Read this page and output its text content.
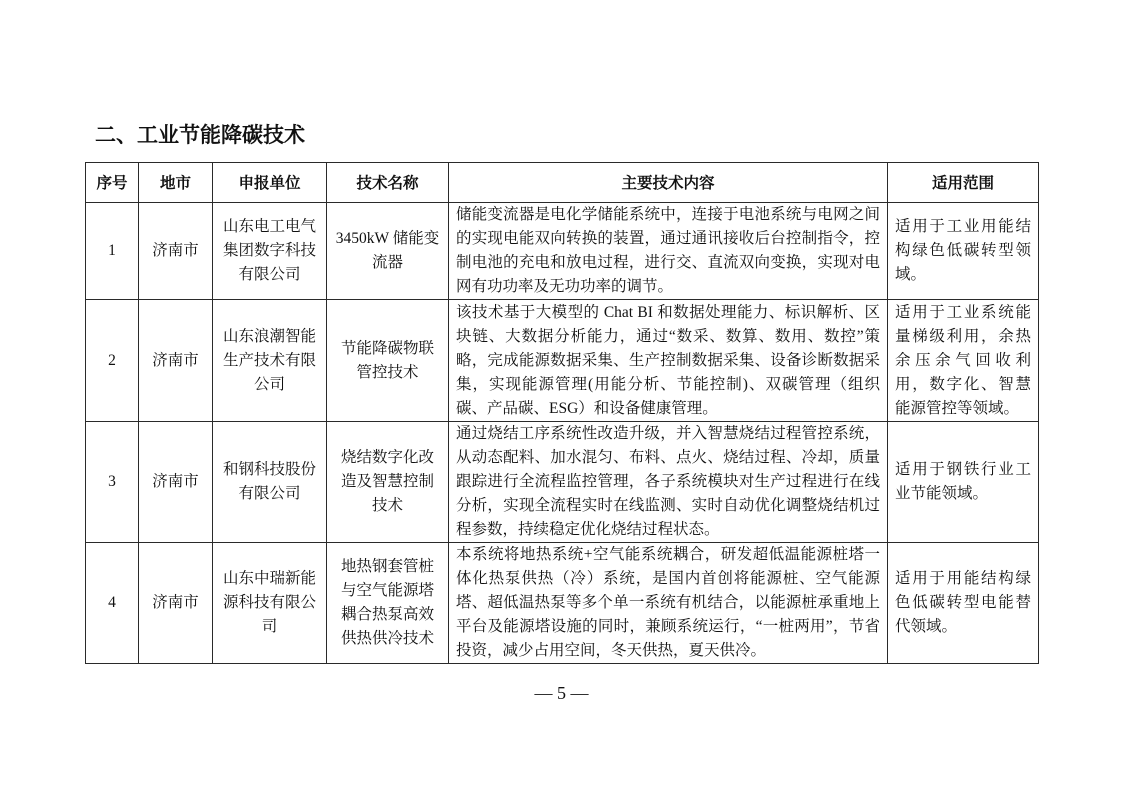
二、工业节能降碳技术
序号	地市	申报单位	技术名称	主要技术内容	适用范围
1	济南市	山东电工电气集团数字科技有限公司	3450kW 储能变流器	储能变流器是电化学储能系统中，连接于电池系统与电网之间的实现电能双向转换的装置，通过通讯接收后台控制指令，控制电池的充电和放电过程，进行交、直流双向变换，实现对电网有功功率及无功功率的调节。	适用于工业用能结构绿色低碳转型领域。
2	济南市	山东浪潮智能生产技术有限公司	节能降碳物联管控技术	该技术基于大模型的 Chat BI 和数据处理能力、标识解析、区块链、大数据分析能力，通过“数采、数算、数用、数控”策略，完成能源数据采集、生产控制数据采集、设备诊断数据采集，实现能源管理(用能分析、节能控制)、双碳管理（组织碳、产品碳、ESG）和设备健康管理。	适用于工业系统能量梯级利用，余热余压余气回收利用，数字化、智慧能源管控等领域。
3	济南市	和钢科技股份有限公司	烧结数字化改造及智慧控制技术	通过烧结工序系统性改造升级，并入智慧烧结过程管控系统，从动态配料、加水混匀、布料、点火、烧结过程、冷却，质量跟踪进行全流程监控管理，各子系统模块对生产过程进行在线分析，实现全流程实时在线监测、实时自动优化调整烧结机过程参数，持续稳定优化烧结过程状态。	适用于钢铁行业工业节能领域。
4	济南市	山东中瑞新能源科技有限公司	地热钢套管桩与空气能源塔耦合热泵高效供热供冷技术	本系统将地热系统+空气能系统耦合，研发超低温能源桩塔一体化热泵供热（冷）系统，是国内首创将能源桩、空气能源塔、超低温热泵等多个单一系统有机结合，以能源桩承重地上平台及能源塔设施的同时，兼顾系统运行，“一桩两用”，节省投资，减少占用空间，冬天供热，夏天供冷。	适用于用能结构绿色低碳转型电能替代领域。
— 5 —
